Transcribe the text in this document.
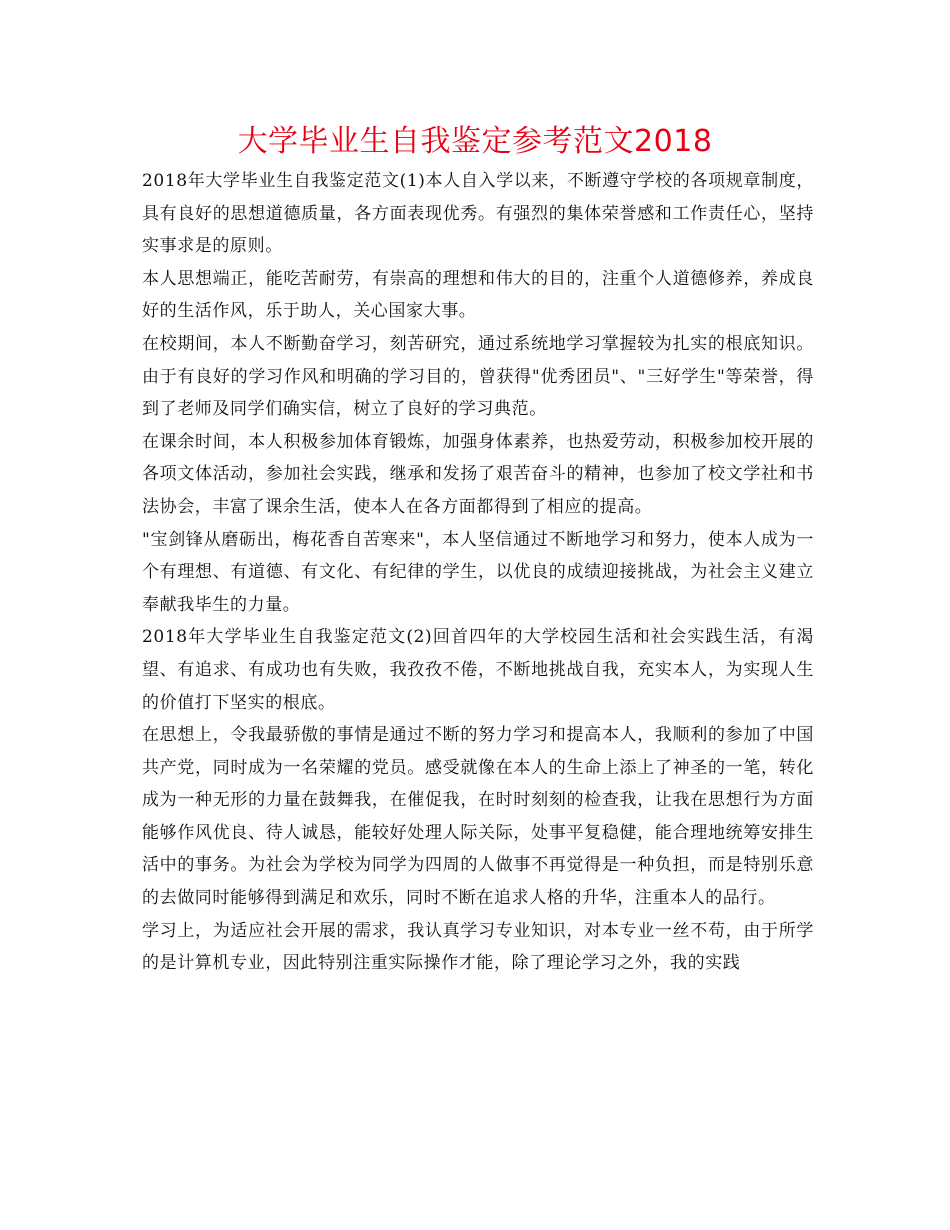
大学毕业生自我鉴定参考范文2018

2018年大学毕业生自我鉴定范文(1)本人自入学以来，不断遵守学校的各项规章制度，具有良好的思想道德质量，各方面表现优秀。有强烈的集体荣誉感和工作责任心，坚持实事求是的原则。

本人思想端正，能吃苦耐劳，有崇高的理想和伟大的目的，注重个人道德修养，养成良好的生活作风，乐于助人，关心国家大事。

在校期间，本人不断勤奋学习，刻苦研究，通过系统地学习掌握较为扎实的根底知识。由于有良好的学习作风和明确的学习目的，曾获得"优秀团员"、"三好学生"等荣誉，得到了老师及同学们确实信，树立了良好的学习典范。

在课余时间，本人积极参加体育锻炼，加强身体素养，也热爱劳动，积极参加校开展的各项文体活动，参加社会实践，继承和发扬了艰苦奋斗的精神，也参加了校文学社和书法协会，丰富了课余生活，使本人在各方面都得到了相应的提高。

"宝剑锋从磨砺出，梅花香自苦寒来"，本人坚信通过不断地学习和努力，使本人成为一个有理想、有道德、有文化、有纪律的学生，以优良的成绩迎接挑战，为社会主义建立奉献我毕生的力量。

2018年大学毕业生自我鉴定范文(2)回首四年的大学校园生活和社会实践生活，有渴望、有追求、有成功也有失败，我孜孜不倦，不断地挑战自我，充实本人，为实现人生的价值打下坚实的根底。

在思想上，令我最骄傲的事情是通过不断的努力学习和提高本人，我顺利的参加了中国共产党，同时成为一名荣耀的党员。感受就像在本人的生命上添上了神圣的一笔，转化成为一种无形的力量在鼓舞我，在催促我，在时时刻刻的检查我，让我在思想行为方面能够作风优良、待人诚恳，能较好处理人际关际，处事平复稳健，能合理地统筹安排生活中的事务。为社会为学校为同学为四周的人做事不再觉得是一种负担，而是特别乐意的去做同时能够得到满足和欢乐，同时不断在追求人格的升华，注重本人的品行。

学习上，为适应社会开展的需求，我认真学习专业知识，对本专业一丝不苟，由于所学的是计算机专业，因此特别注重实际操作才能，除了理论学习之外，我的实践
